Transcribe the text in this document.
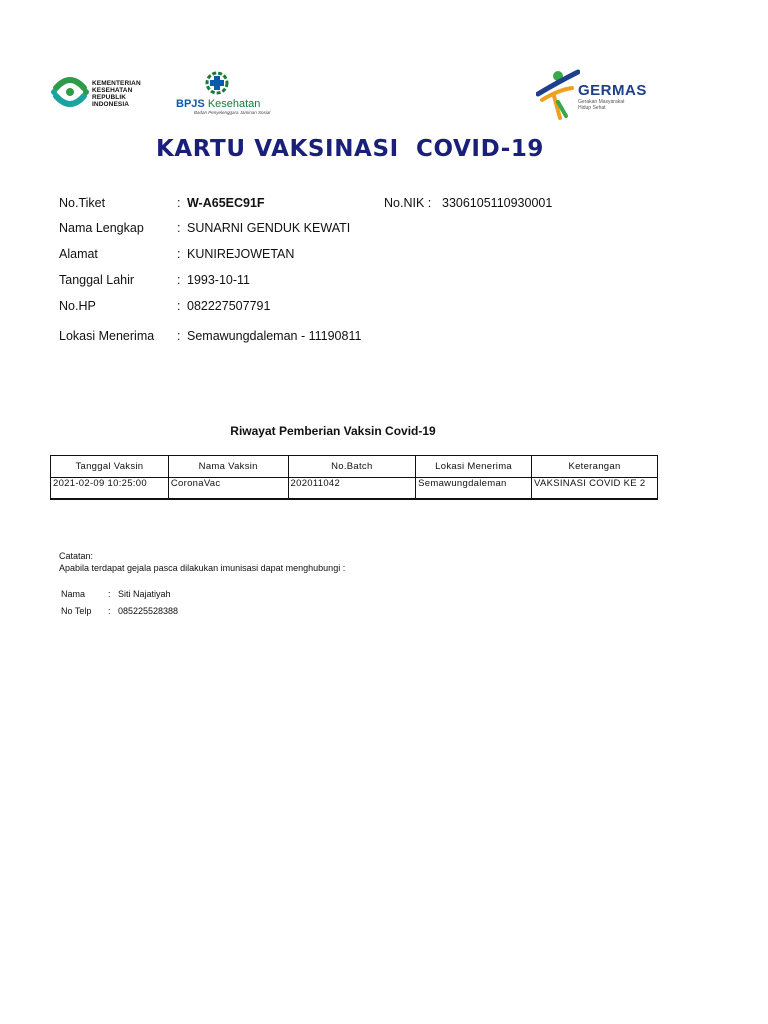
KEMENTERIAN
KESEHATAN
REPUBLIK
INDONESIA	BPJS Kesehatan
Badan Penyelenggara Jaminan Sosial
GERMAS
Gerakan Masyarakat Hidup Sehat
KARTU VAKSINASI  COVID-19
No.Tiket	: W-A65EC91F	No.NIK : 3306105110930001
Nama Lengkap	: SUNARNI GENDUK KEWATI
Alamat	: KUNIREJOWETAN
Tanggal Lahir	: 1993-10-11
No.HP	: 082227507791
Lokasi Menerima : Semawungdaleman - 11190811
Riwayat Pemberian Vaksin Covid-19
Tanggal Vaksin	Nama Vaksin	No.Batch	Lokasi Menerima	Keterangan
2021-02-09 10:25:00	CoronaVac	202011042	Semawungdaleman	VAKSINASI COVID KE 2
Catatan:
Apabila terdapat gejala pasca dilakukan imunisasi dapat menghubungi :
Nama	: Siti Najatiyah
No Telp : 085225528388
